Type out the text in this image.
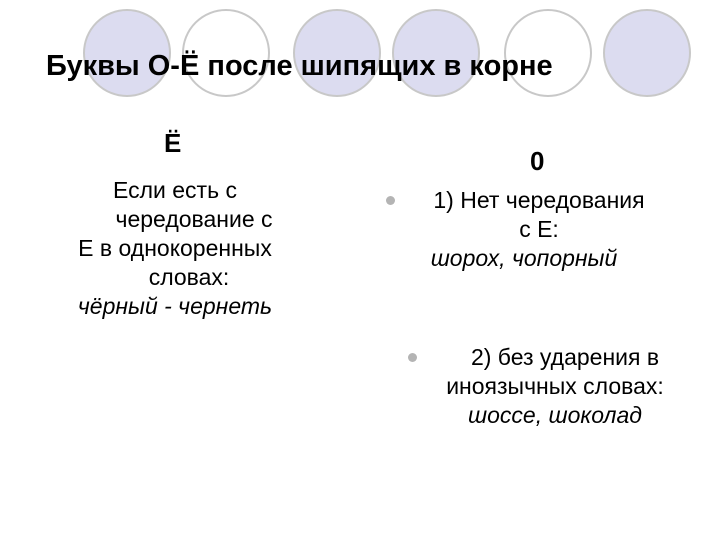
Буквы О-Ё после шипящих в корне
Ё
Если есть с
чередование с
Е в однокоренных
словах:
чёрный - чернеть
0
1) Нет чередования
с Е:
шорох, чопорный
2) без ударения в
иноязычных словах:
шоссе, шоколад
